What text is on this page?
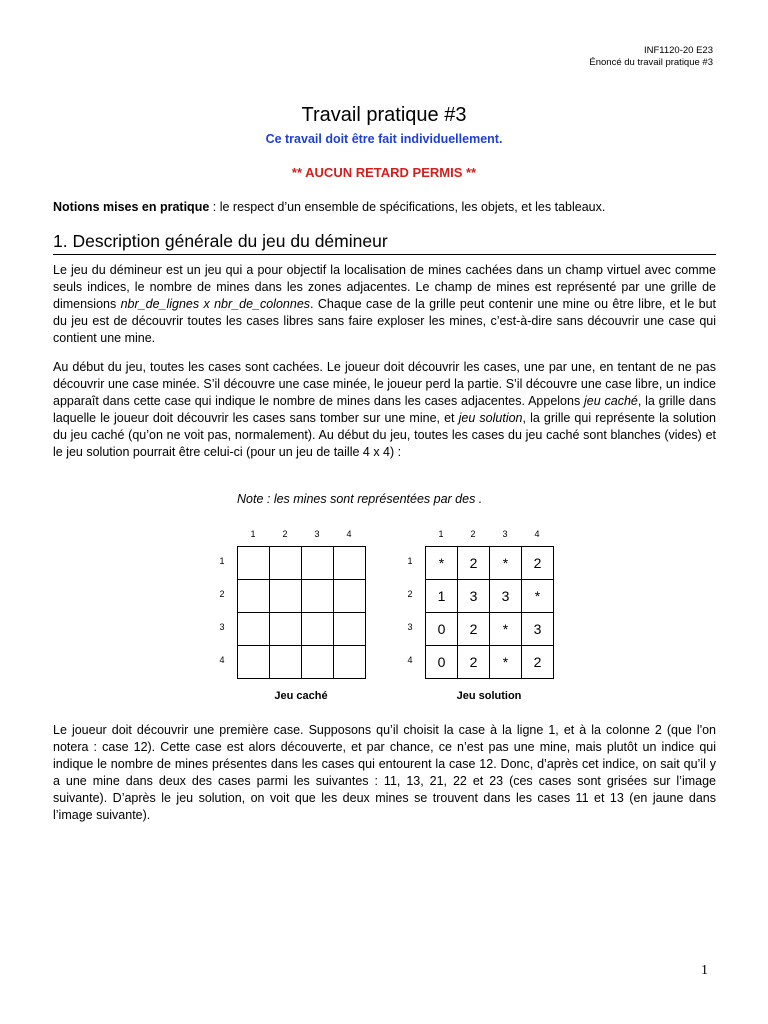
INF1120-20 E23
Énoncé du travail pratique #3
Travail pratique #3
Ce travail doit être fait individuellement.
** AUCUN RETARD PERMIS **
Notions mises en pratique : le respect d’un ensemble de spécifications, les objets, et les tableaux.
1. Description générale du jeu du démineur

Le jeu du démineur est un jeu qui a pour objectif la localisation de mines cachées dans un champ virtuel avec comme seuls indices, le nombre de mines dans les zones adjacentes. Le champ de mines est représenté par une grille de dimensions nbr_de_lignes x nbr_de_colonnes. Chaque case de la grille peut contenir une mine ou être libre, et le but du jeu est de découvrir toutes les cases libres sans faire exploser les mines, c’est-à-dire sans découvrir une case qui contient une mine.

Au début du jeu, toutes les cases sont cachées. Le joueur doit découvrir les cases, une par une, en tentant de ne pas découvrir une case minée. S’il découvre une case minée, le joueur perd la partie. S’il découvre une case libre, un indice apparaît dans cette case qui indique le nombre de mines dans les cases adjacentes. Appelons jeu caché, la grille dans laquelle le joueur doit découvrir les cases sans tomber sur une mine, et jeu solution, la grille qui représente la solution du jeu caché (qu’on ne voit pas, normalement). Au début du jeu, toutes les cases du jeu caché sont blanches (vides) et le jeu solution pourrait être celui-ci (pour un jeu de taille 4 x 4) :

Note : les mines sont représentées par des .
1	2	3	4
1
2
3
4
Jeu caché
1	2	3	4
1
2
3
4
*	2	*	2
1	3	3	*
0	2	*	3
0	2	*	2
Jeu solution

Le joueur doit découvrir une première case. Supposons qu’il choisit la case à la ligne 1, et à la colonne 2 (que l'on notera : case 12). Cette case est alors découverte, et par chance, ce n’est pas une mine, mais plutôt un indice qui indique le nombre de mines présentes dans les cases qui entourent la case 12. Donc, d’après cet indice, on sait qu’il y a une mine dans deux des cases parmi les suivantes : 11, 13, 21, 22 et 23 (ces cases sont grisées sur l’image suivante). D’après le jeu solution, on voit que les deux mines se trouvent dans les cases 11 et 13 (en jaune dans l’image suivante).

1
